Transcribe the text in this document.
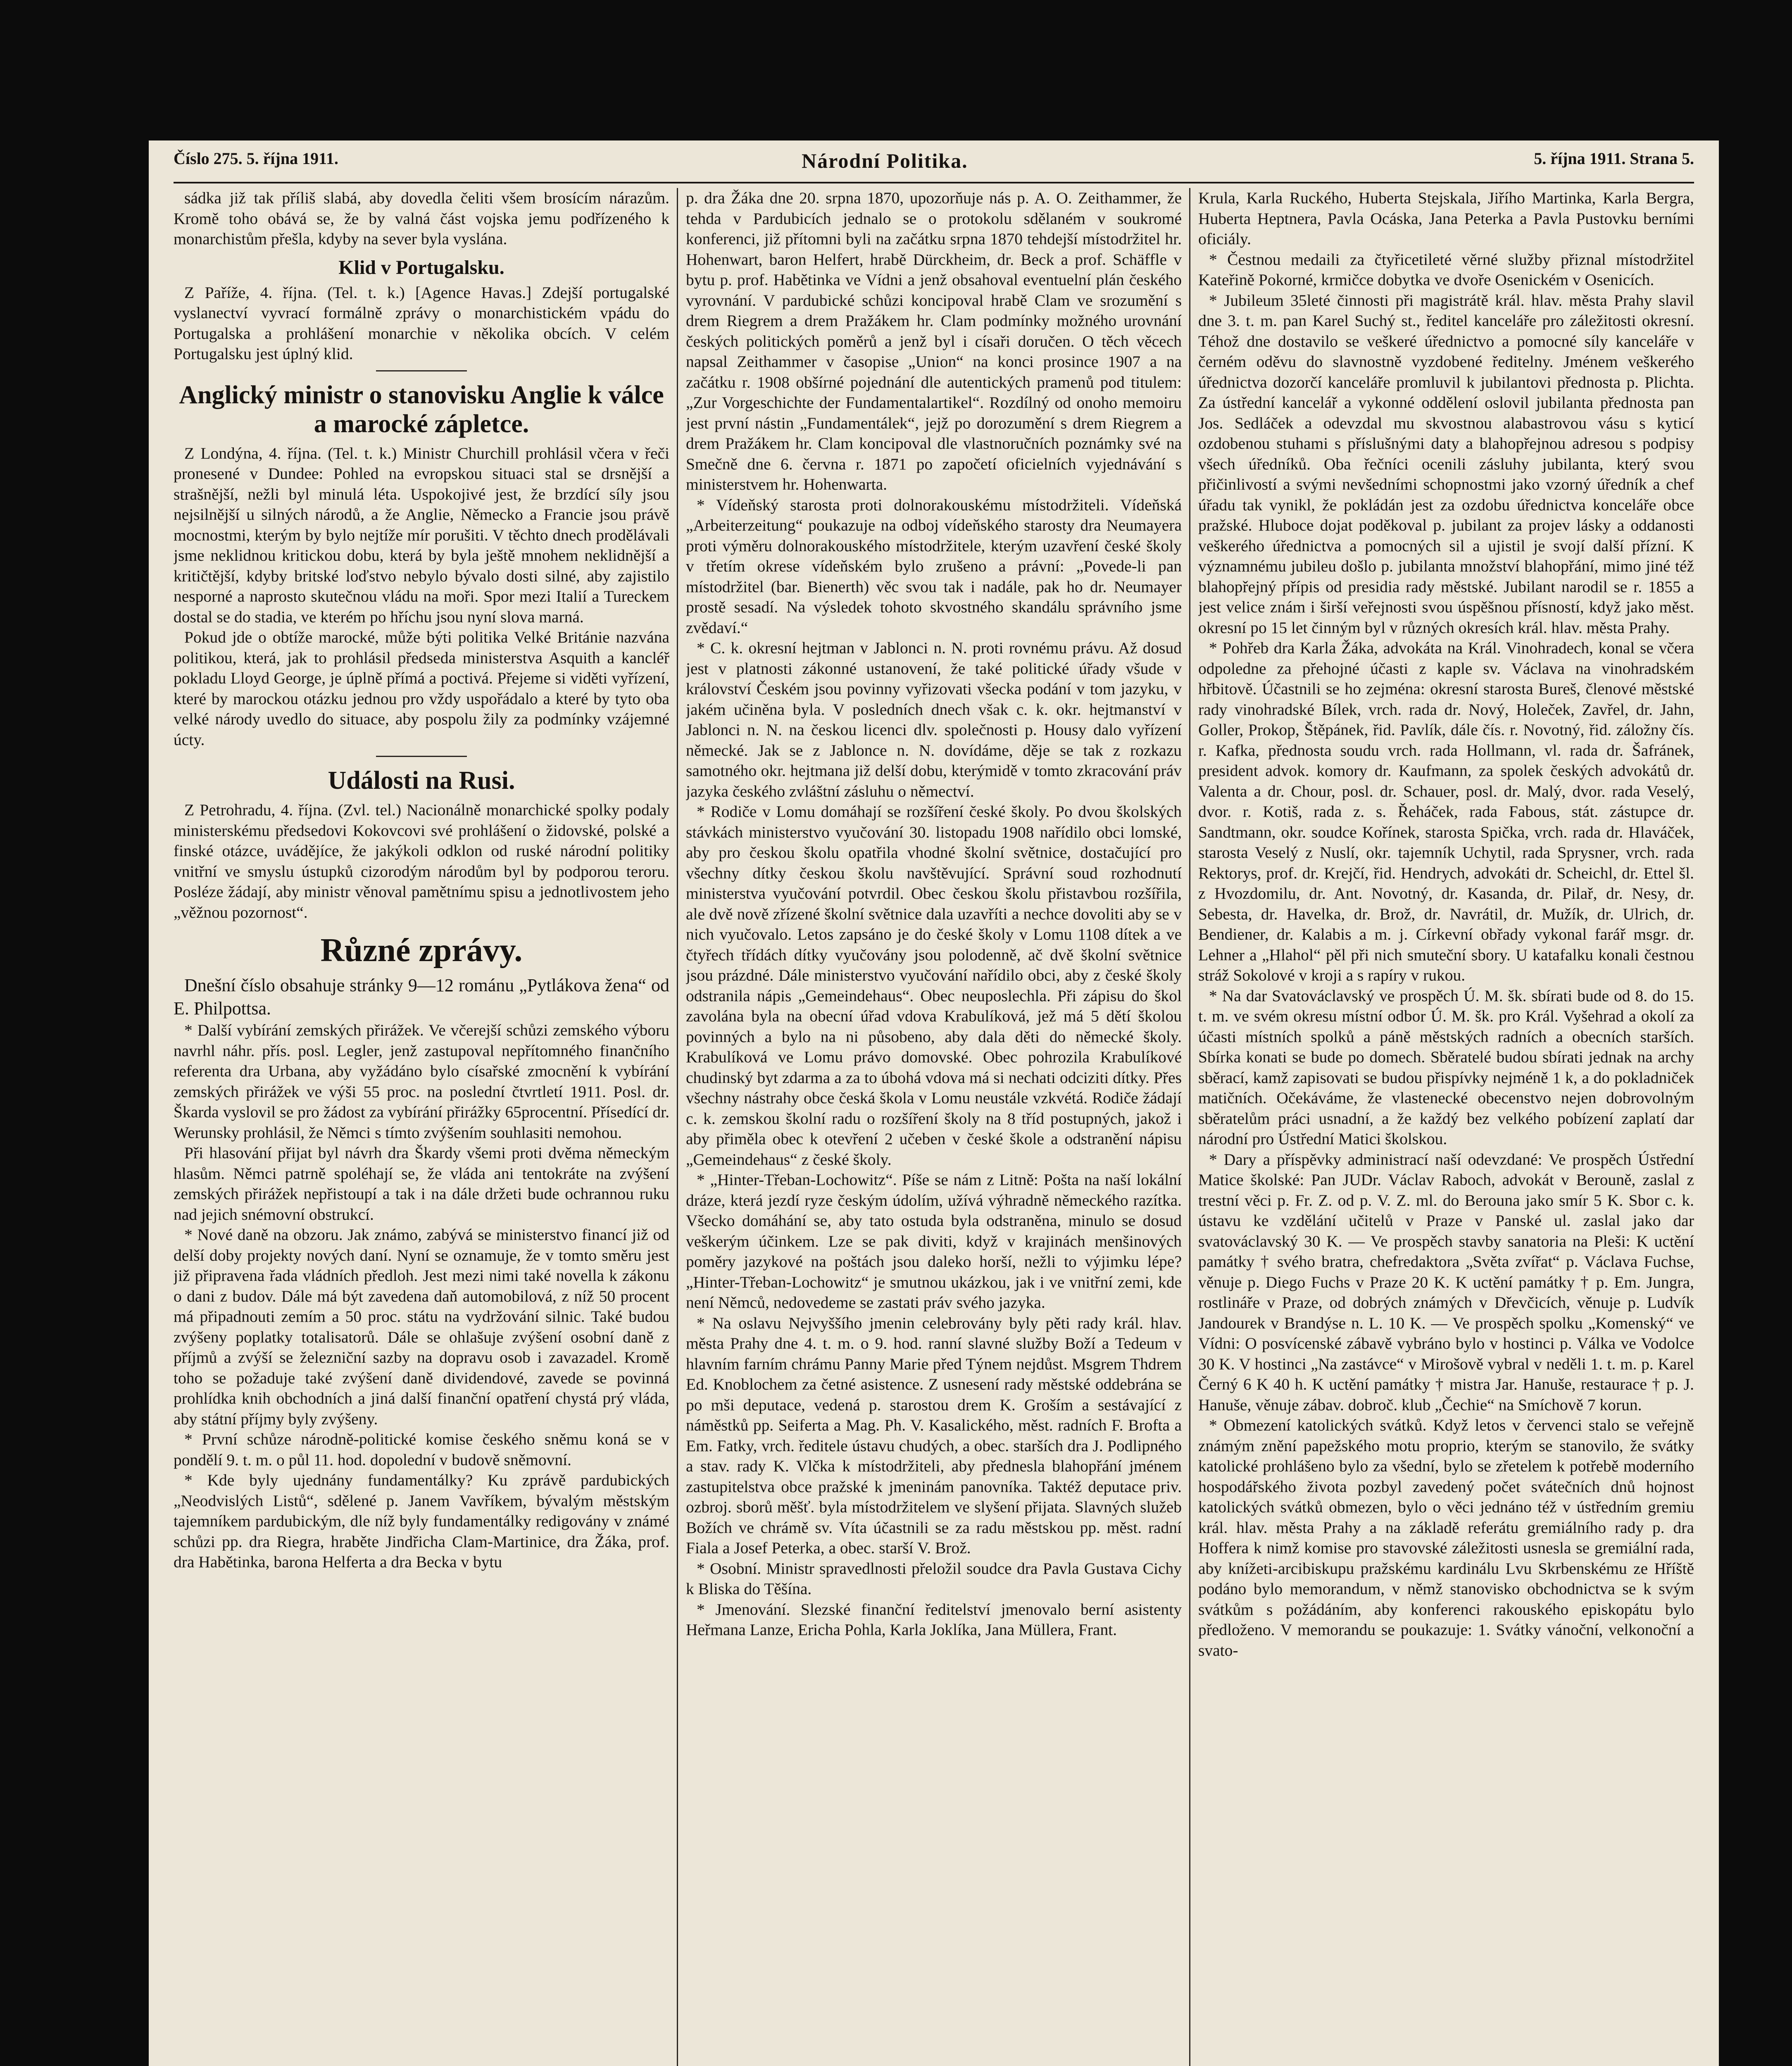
Číslo 275. 5. října 1911.	Národní Politika.	5. října 1911. Strana 5.

sádka již tak příliš slabá, aby dovedla čeliti všem brosícím nárazům. Kromě toho obává se, že by valná část vojska jemu podřízeného k monarchistům přešla, kdyby na sever byla vyslána.

Klid v Portugalsku.

Z Paříže, 4. října. (Tel. t. k.) [Agence Havas.] Zdejší portugalské vyslanectví vyvrací formálně zprávy o monarchistickém vpádu do Portugalska a prohlášení monarchie v několika obcích. V celém Portugalsku jest úplný klid.

Anglický ministr o stanovisku Anglie k válce a marocké zápletce.

Z Londýna, 4. října. (Tel. t. k.) Ministr Churchill prohlásil včera v řeči pronesené v Dundee: Pohled na evropskou situaci stal se drsnější a strašnější, nežli byl minulá léta. Uspokojivé jest, že brzdící síly jsou nejsilnější u silných národů, a že Anglie, Německo a Francie jsou právě mocnostmi, kterým by bylo nejtíže mír porušiti. V těchto dnech prodělávali jsme neklidnou kritickou dobu, která by byla ještě mnohem neklidnější a kritičtější, kdyby britské loďstvo nebylo bývalo dosti silné, aby zajistilo nesporné a naprosto skutečnou vládu na moři. Spor mezi Italií a Tureckem dostal se do stadia, ve kterém po hříchu jsou nyní slova marná.

Pokud jde o obtíže marocké, může býti politika Velké Británie nazvána politikou, která, jak to prohlásil předseda ministerstva Asquith a kancléř pokladu Lloyd George, je úplně přímá a poctivá. Přejeme si viděti vyřízení, které by marockou otázku jednou pro vždy uspořádalo a které by tyto oba velké národy uvedlo do situace, aby pospolu žily za podmínky vzájemné úcty.

Události na Rusi.

Z Petrohradu, 4. října. (Zvl. tel.) Nacionálně monarchické spolky podaly ministerskému předsedovi Kokovcovi své prohlášení o židovské, polské a finské otázce, uvádějíce, že jakýkoli odklon od ruské národní politiky vnitřní ve smyslu ústupků cizorodým národům byl by podporou teroru. Posléze žádají, aby ministr věnoval pamětnímu spisu a jednotlivostem jeho „věžnou pozornost“.

Různé zprávy.

Dnešní číslo obsahuje stránky 9—12 románu „Pytlákova žena“ od E. Philpottsa.

* Další vybírání zemských přirážek. Ve včerejší schůzi zemského výboru navrhl náhr. přís. posl. Legler, jenž zastupoval nepřítomného finančního referenta dra Urbana, aby vyžádáno bylo císařské zmocnění k vybírání zemských přirážek ve výši 55 proc. na poslední čtvrtletí 1911. Posl. dr. Škarda vyslovil se pro žádost za vybírání přirážky 65procentní. Přísedící dr. Werunsky prohlásil, že Němci s tímto zvýšením souhlasiti nemohou.

Při hlasování přijat byl návrh dra Škardy všemi proti dvěma německým hlasům. Němci patrně spoléhají se, že vláda ani tentokráte na zvýšení zemských přirážek nepřistoupí a tak i na dále držeti bude ochrannou ruku nad jejich snémovní obstrukcí.

* Nové daně na obzoru. Jak známo, zabývá se ministerstvo financí již od delší doby projekty nových daní. Nyní se oznamuje, že v tomto směru jest již připravena řada vládních předloh. Jest mezi nimi také novella k zákonu o dani z budov. Dále má být zavedena daň automobilová, z níž 50 procent má připadnouti zemím a 50 proc. státu na vydržování silnic. Také budou zvýšeny poplatky totalisatorů. Dále se ohlašuje zvýšení osobní daně z příjmů a zvýší se železniční sazby na dopravu osob i zavazadel. Kromě toho se požaduje také zvýšení daně dividendové, zavede se povinná prohlídka knih obchodních a jiná další finanční opatření chystá prý vláda, aby státní příjmy byly zvýšeny.

* První schůze národně-politické komise českého sněmu koná se v pondělí 9. t. m. o půl 11. hod. dopolední v budově sněmovní.

* Kde byly ujednány fundamentálky? Ku zprávě pardubických „Neodvislých Listů“, sdělené p. Janem Vavříkem, bývalým městským tajemníkem pardubickým, dle níž byly fundamentálky redigovány v známé schůzi pp. dra Riegra, hraběte Jindřicha Clam-Martinice, dra Žáka, prof. dra Habětinka, barona Helferta a dra Becka v bytu

p. dra Žáka dne 20. srpna 1870, upozorňuje nás p. A. O. Zeithammer, že tehda v Pardubicích jednalo se o protokolu sdělaném v soukromé konferenci, již přítomni byli na začátku srpna 1870 tehdejší místodržitel hr. Hohenwart, baron Helfert, hrabě Dürckheim, dr. Beck a prof. Schäffle v bytu p. prof. Habětinka ve Vídni a jenž obsahoval eventuelní plán českého vyrovnání. V pardubické schůzi koncipoval hrabě Clam ve srozumění s drem Riegrem a drem Pražákem hr. Clam podmínky možného urovnání českých politických poměrů a jenž byl i císaři doručen. O těch věcech napsal Zeithammer v časopise „Union“ na konci prosince 1907 a na začátku r. 1908 obšírné pojednání dle autentických pramenů pod titulem: „Zur Vorgeschichte der Fundamentalartikel“. Rozdílný od onoho memoiru jest první nástin „Fundamentálek“, jejž po dorozumění s drem Riegrem a drem Pražákem hr. Clam koncipoval dle vlastnoručních poznámky své na Smečně dne 6. června r. 1871 po započetí oficielních vyjednávání s ministerstvem hr. Hohenwarta.

* Vídeňský starosta proti dolnorakouskému místodržiteli. Vídeňská „Arbeiterzeitung“ poukazuje na odboj vídeňského starosty dra Neumayera proti výměru dolnorakouského místodržitele, kterým uzavření české školy v třetím okrese vídeňském bylo zrušeno a právní: „Povede-li pan místodržitel (bar. Bienerth) věc svou tak i nadále, pak ho dr. Neumayer prostě sesadí. Na výsledek tohoto skvostného skandálu správního jsme zvědaví.“

* C. k. okresní hejtman v Jablonci n. N. proti rovnému právu. Až dosud jest v platnosti zákonné ustanovení, že také politické úřady všude v království Českém jsou povinny vyřizovati všecka podání v tom jazyku, v jakém učiněna byla. V posledních dnech však c. k. okr. hejtmanství v Jablonci n. N. na českou licenci dlv. společnosti p. Housy dalo vyřízení německé. Jak se z Jablonce n. N. dovídáme, děje se tak z rozkazu samotného okr. hejtmana již delší dobu, kterýmidě v tomto zkracování práv jazyka českého zvláštní zásluhu o němectví.

* Rodiče v Lomu domáhají se rozšíření české školy. Po dvou školských stávkách ministerstvo vyučování 30. listopadu 1908 nařídilo obci lomské, aby pro českou školu opatřila vhodné školní světnice, dostačující pro všechny dítky českou školu navštěvující. Správní soud rozhodnutí ministerstva vyučování potvrdil. Obec českou školu přistavbou rozšířila, ale dvě nově zřízené školní světnice dala uzavříti a nechce dovoliti aby se v nich vyučovalo. Letos zapsáno je do české školy v Lomu 1108 dítek a ve čtyřech třídách dítky vyučovány jsou polodenně, ač dvě školní světnice jsou prázdné. Dále ministerstvo vyučování nařídilo obci, aby z české školy odstranila nápis „Gemeindehaus“. Obec neuposlechla. Při zápisu do škol zavolána byla na obecní úřad vdova Krabulíková, jež má 5 dětí školou povinných a bylo na ni působeno, aby dala děti do německé školy. Krabulíková ve Lomu právo domovské. Obec pohrozila Krabulíkové chudinský byt zdarma a za to úbohá vdova má si nechati odciziti dítky. Přes všechny nástrahy obce česká škola v Lomu neustále vzkvétá. Rodiče žádají c. k. zemskou školní radu o rozšíření školy na 8 tříd postupných, jakož i aby přiměla obec k otevření 2 učeben v české škole a odstranění nápisu „Gemeindehaus“ z české školy.

* „Hinter-Třeban-Lochowitz“. Píše se nám z Litně: Pošta na naší lokální dráze, která jezdí ryze českým údolím, užívá výhradně německého razítka. Všecko domáhání se, aby tato ostuda byla odstraněna, minulo se dosud veškerým účinkem. Lze se pak diviti, když v krajinách menšinových poměry jazykové na poštách jsou daleko horší, nežli to výjimku lépe? „Hinter-Třeban-Lochowitz“ je smutnou ukázkou, jak i ve vnitřní zemi, kde není Němců, nedovedeme se zastati práv svého jazyka.

* Na oslavu Nejvyššího jmenin celebrovány byly pěti rady král. hlav. města Prahy dne 4. t. m. o 9. hod. ranní slavné služby Boží a Tedeum v hlavním farním chrámu Panny Marie před Týnem nejdůst. Msgrem Thdrem Ed. Knoblochem za četné asistence. Z usnesení rady městské oddebrána se po mši deputace, vedená p. starostou drem K. Groším a sestávající z náměstků pp. Seiferta a Mag. Ph. V. Kasalického, měst. radních F. Brofta a Em. Fatky, vrch. ředitele ústavu chudých, a obec. starších dra J. Podlipného a stav. rady K. Vlčka k místodržiteli, aby přednesla blahopřání jménem zastupitelstva obce pražské k jmeninám panovníka. Taktéž deputace priv. ozbroj. sborů měšť. byla místodržitelem ve slyšení přijata. Slavných služeb Božích ve chrámě sv. Víta účastnili se za radu městskou pp. měst. radní Fiala a Josef Peterka, a obec. starší V. Brož.

* Osobní. Ministr spravedlnosti přeložil soudce dra Pavla Gustava Cichy k Bliska do Těšína.

* Jmenování. Slezské finanční ředitelství jmenovalo berní asistenty Heřmana Lanze, Ericha Pohla, Karla Joklíka, Jana Müllera, Frant.

Krula, Karla Ruckého, Huberta Stejskala, Jiřího Martinka, Karla Bergra, Huberta Heptnera, Pavla Ocáska, Jana Peterka a Pavla Pustovku berními oficiály.

* Čestnou medaili za čtyřicetileté věrné služby přiznal místodržitel Kateřině Pokorné, krmičce dobytka ve dvoře Osenickém v Osenicích.

* Jubileum 35leté činnosti při magistrátě král. hlav. města Prahy slavil dne 3. t. m. pan Karel Suchý st., ředitel kanceláře pro záležitosti okresní. Téhož dne dostavilo se veškeré úřednictvo a pomocné síly kanceláře v černém oděvu do slavnostně vyzdobené ředitelny. Jménem veškerého úřednictva dozorčí kanceláře promluvil k jubilantovi přednosta p. Plichta. Za ústřední kancelář a vykonné oddělení oslovil jubilanta přednosta pan Jos. Sedláček a odevzdal mu skvostnou alabastrovou vásu s kyticí ozdobenou stuhami s příslušnými daty a blahopřejnou adresou s podpisy všech úředníků. Oba řečníci ocenili zásluhy jubilanta, který svou přičinlivostí a svými nevšedními schopnostmi jako vzorný úředník a chef úřadu tak vynikl, že pokládán jest za ozdobu úřednictva konceláře obce pražské. Hluboce dojat poděkoval p. jubilant za projev lásky a oddanosti veškerého úřednictva a pomocných sil a ujistil je svojí další přízní. K významnému jubileu došlo p. jubilanta množství blahopřání, mimo jiné též blahopřejný přípis od presidia rady městské. Jubilant narodil se r. 1855 a jest velice znám i širší veřejnosti svou úspěšnou přísností, když jako měst. okresní po 15 let činným byl v různých okresích král. hlav. města Prahy.

* Pohřeb dra Karla Žáka, advokáta na Král. Vinohradech, konal se včera odpoledne za přehojné účasti z kaple sv. Václava na vinohradském hřbitově. Účastnili se ho zejména: okresní starosta Bureš, členové městské rady vinohradské Bílek, vrch. rada dr. Nový, Holeček, Zavřel, dr. Jahn, Goller, Prokop, Štěpánek, řid. Pavlík, dále čís. r. Novotný, řid. záložny čís. r. Kafka, přednosta soudu vrch. rada Hollmann, vl. rada dr. Šafránek, president advok. komory dr. Kaufmann, za spolek českých advokátů dr. Valenta a dr. Chour, posl. dr. Schauer, posl. dr. Malý, dvor. rada Veselý, dvor. r. Kotiš, rada z. s. Řeháček, rada Fabous, stát. zástupce dr. Sandtmann, okr. soudce Kořínek, starosta Spička, vrch. rada dr. Hlaváček, starosta Veselý z Nuslí, okr. tajemník Uchytil, rada Sprysner, vrch. rada Rektorys, prof. dr. Krejčí, řid. Hendrych, advokáti dr. Scheichl, dr. Ettel šl. z Hvozdomilu, dr. Ant. Novotný, dr. Kasanda, dr. Pilař, dr. Nesy, dr. Sebesta, dr. Havelka, dr. Brož, dr. Navrátil, dr. Mužík, dr. Ulrich, dr. Bendiener, dr. Kalabis a m. j. Církevní obřady vykonal farář msgr. dr. Lehner a „Hlahol“ pěl při nich smuteční sbory. U katafalku konali čestnou stráž Sokolové v kroji a s rapíry v rukou.

* Na dar Svatováclavský ve prospěch Ú. M. šk. sbírati bude od 8. do 15. t. m. ve svém okresu místní odbor Ú. M. šk. pro Král. Vyšehrad a okolí za účasti místních spolků a páně městských radních a obecních starších. Sbírka konati se bude po domech. Sběratelé budou sbírati jednak na archy sběrací, kamž zapisovati se budou přispívky nejméně 1 k, a do pokladniček matičních. Očekáváme, že vlastenecké obecenstvo nejen dobrovolným sběratelům práci usnadní, a že každý bez velkého pobízení zaplatí dar národní pro Ústřední Matici školskou.

* Dary a příspěvky administrací naší odevzdané: Ve prospěch Ústřední Matice školské: Pan JUDr. Václav Raboch, advokát v Berouně, zaslal z trestní věci p. Fr. Z. od p. V. Z. ml. do Berouna jako smír 5 K. Sbor c. k. ústavu ke vzdělání učitelů v Praze v Panské ul. zaslal jako dar svatováclavský 30 K. — Ve prospěch stavby sanatoria na Pleši: K uctění památky † svého bratra, chefredaktora „Světa zvířat“ p. Václava Fuchse, věnuje p. Diego Fuchs v Praze 20 K. K uctění památky † p. Em. Jungra, rostlináře v Praze, od dobrých známých v Dřevčicích, věnuje p. Ludvík Jandourek v Brandýse n. L. 10 K. — Ve prospěch spolku „Komenský“ ve Vídni: O posvícenské zábavě vybráno bylo v hostinci p. Válka ve Vodolce 30 K. V hostinci „Na zastávce“ v Mirošově vybral v neděli 1. t. m. p. Karel Černý 6 K 40 h. K uctění památky † mistra Jar. Hanuše, restaurace † p. J. Hanuše, věnuje zábav. dobroč. klub „Čechie“ na Smíchově 7 korun.

* Obmezení katolických svátků. Když letos v červenci stalo se veřejně známým znění papežského motu proprio, kterým se stanovilo, že svátky katolické prohlášeno bylo za všední, bylo se zřetelem k potřebě moderního hospodářského života pozbyl zavedený počet svátečních dnů hojnost katolických svátků obmezen, bylo o věci jednáno též v ústředním gremiu král. hlav. města Prahy a na základě referátu gremiálního rady p. dra Hoffera k nimž komise pro stavovské záležitosti usnesla se gremiální rada, aby knížeti-arcibiskupu pražskému kardinálu Lvu Skrbenskému ze Hříště podáno bylo memorandum, v němž stanovisko obchodnictva se k svým svátkům s požádáním, aby konferenci rakouského episkopátu bylo předloženo. V memorandu se poukazuje: 1. Svátky vánoční, velkonoční a svato-
